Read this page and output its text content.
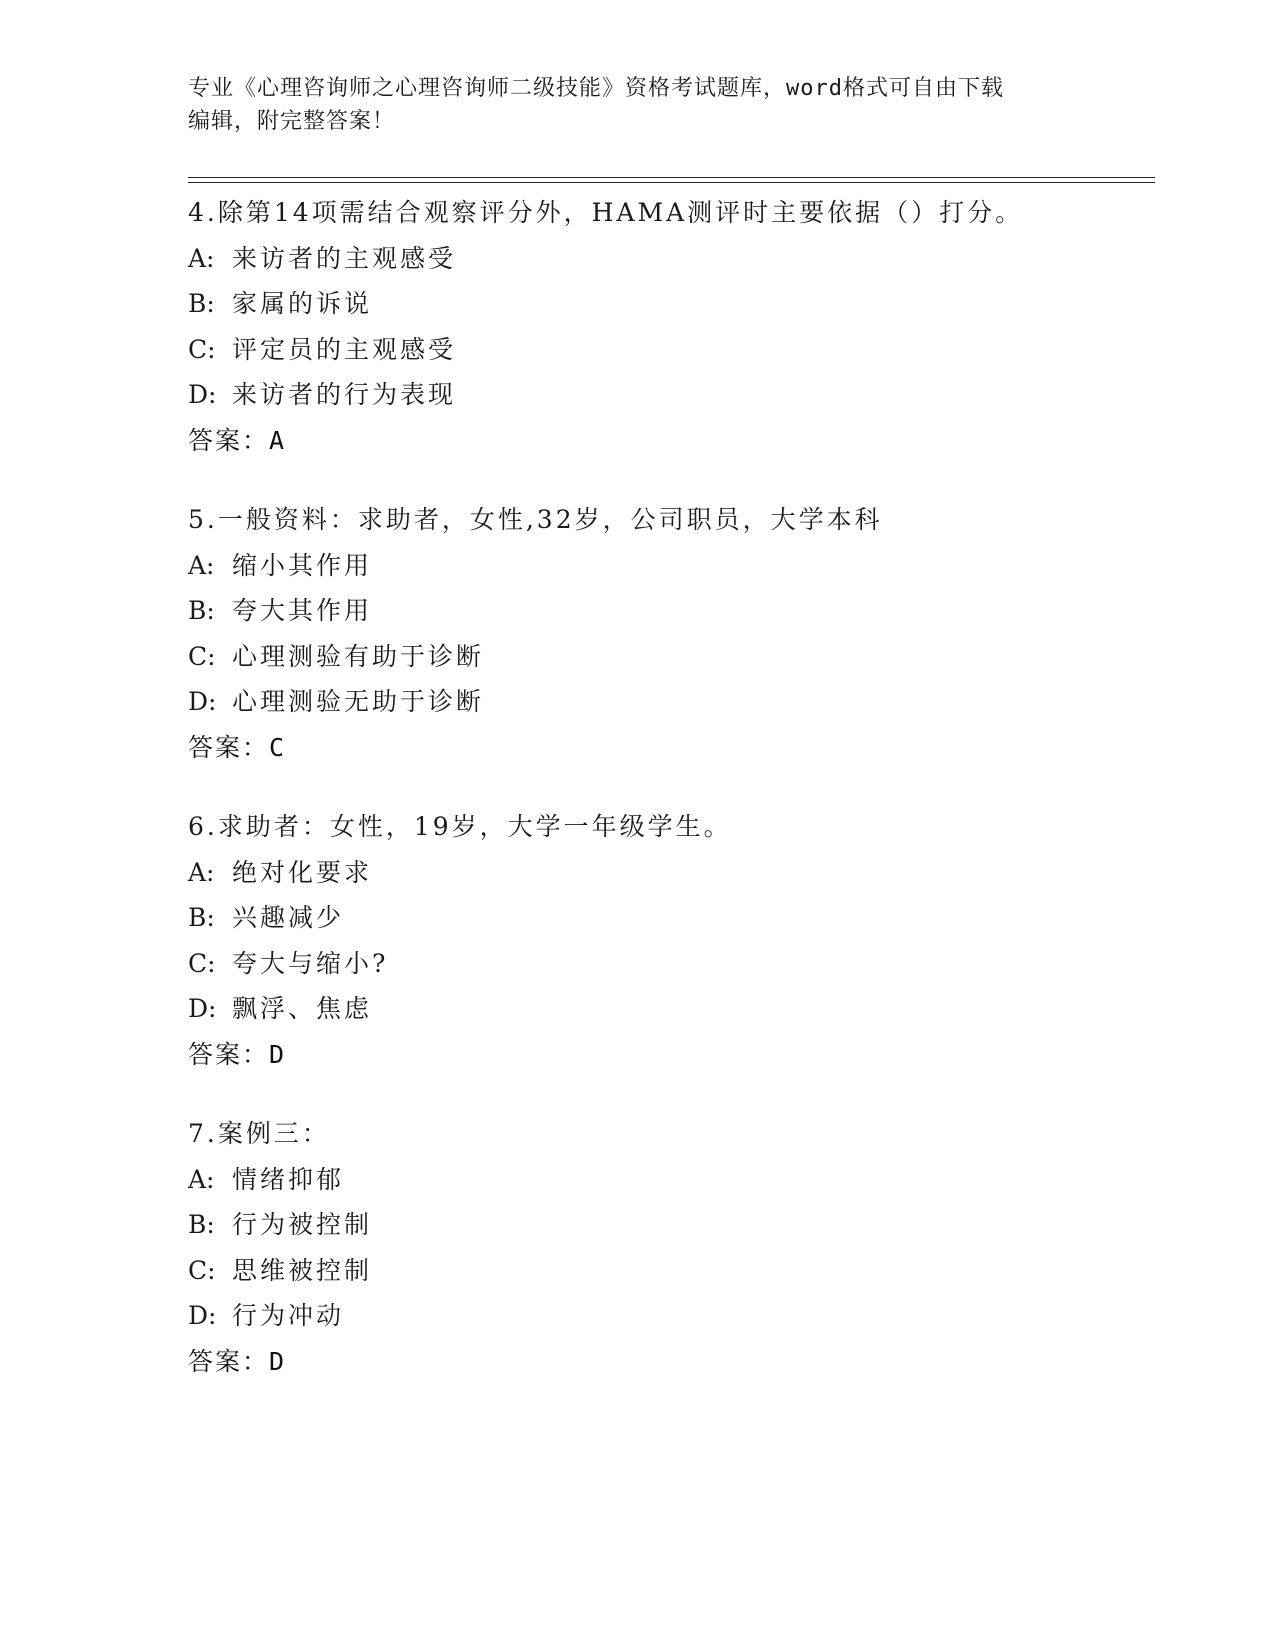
专业《心理咨询师之心理咨询师二级技能》资格考试题库，word格式可自由下载
编辑，附完整答案！
4.除第14项需结合观察评分外，HAMA测评时主要依据（）打分。
A: 来访者的主观感受
B: 家属的诉说
C: 评定员的主观感受
D: 来访者的行为表现
答案：A
5.一般资料：求助者，女性,32岁，公司职员，大学本科
A: 缩小其作用
B: 夸大其作用
C: 心理测验有助于诊断
D: 心理测验无助于诊断
答案：C
6.求助者：女性，19岁，大学一年级学生。
A: 绝对化要求
B: 兴趣减少
C: 夸大与缩小?
D: 飘浮、焦虑
答案：D
7.案例三：
A: 情绪抑郁
B: 行为被控制
C: 思维被控制
D: 行为冲动
答案：D
